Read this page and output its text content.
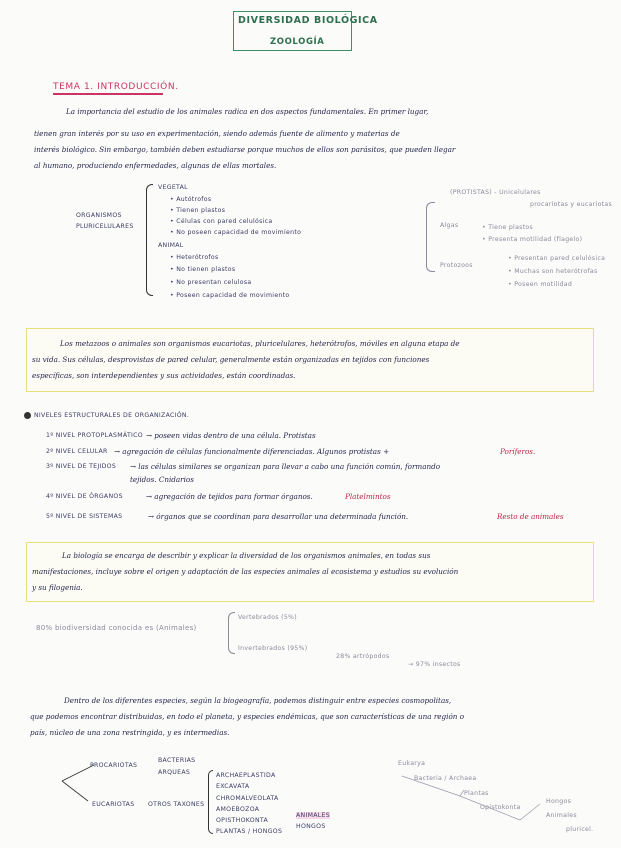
DIVERSIDAD BIOLÓGICA
ZOOLOGÍA
TEMA 1. INTRODUCCIÓN.
La importancia del estudio de los animales radica en dos aspectos fundamentales. En primer lugar,
tienen gran interés por su uso en experimentación, siendo además fuente de alimento y materias de
interés biológico. Sin embargo, también deben estudiarse porque muchos de ellos son parásitos, que pueden llegar
al humano, produciendo enfermedades, algunas de ellas mortales.
ORGANISMOS
PLURICELULARES
VEGETAL
• Autótrofos
• Tienen plastos
• Células con pared celulósica
• No poseen capacidad de movimiento
ANIMAL
• Heterótrofos
• No tienen plastos
• No presentan celulosa
• Poseen capacidad de movimiento
(PROTISTAS) - Unicelulares
procariotas y eucariotas
Algas	• Tiene plastos
• Presenta motilidad (flagelo)
Protozoos
• Presentan pared celulósica
• Muchas son heterótrofas
• Poseen motilidad
Los metazoos o animales son organismos eucariotas, pluricelulares, heterótrofos, móviles en alguna etapa de
su vida. Sus células, desprovistas de pared celular, generalmente están organizadas en tejidos con funciones
específicas, son interdependientes y sus actividades, están coordinadas.
NIVELES ESTRUCTURALES DE ORGANIZACIÓN.
1º NIVEL PROTOPLASMÁTICO → poseen vidas dentro de una célula. Protistas
2º NIVEL CELULAR → agregación de células funcionalmente diferenciadas. Algunos protistas +	Poríferos.
3º NIVEL DE TEJIDOS → las células similares se organizan para llevar a cabo una función común, formando
tejidos. Cnidarios
4º NIVEL DE ÓRGANOS	→ agregación de tejidos para formar órganos.	Platelmintos
5º NIVEL DE SISTEMAS	→ órganos que se coordinan para desarrollar una determinada función.	Resto de animales
La biología se encarga de describir y explicar la diversidad de los organismos animales, en todas sus
manifestaciones, incluye sobre el origen y adaptación de las especies animales al ecosistema y estudios su evolución
y su filogenia.
80% biodiversidad conocida es (Animales)
Vertebrados (5%)
Invertebrados (95%)
28% artrópodos
→ 97% insectos
Dentro de los diferentes especies, según la biogeografía, podemos distinguir entre especies cosmopolitas,
que podemos encontrar distribuidas, en todo el planeta, y especies endémicas, que son características de una región o
país, núcleo de una zona restringida, y es intermedias.
PROCARIOTAS
BACTERIAS
ARQUEAS
EUCARIOTAS OTROS TAXONES
ARCHAEPLASTIDA
EXCAVATA
CHROMALVEOLATA
AMOEBOZOA
OPISTHOKONTA
PLANTAS / HONGOS
ANIMALES
HONGOS
Eukarya
Bacteria / Archaea
Plantas
Opistokonta
Hongos
Animales
pluricel.
